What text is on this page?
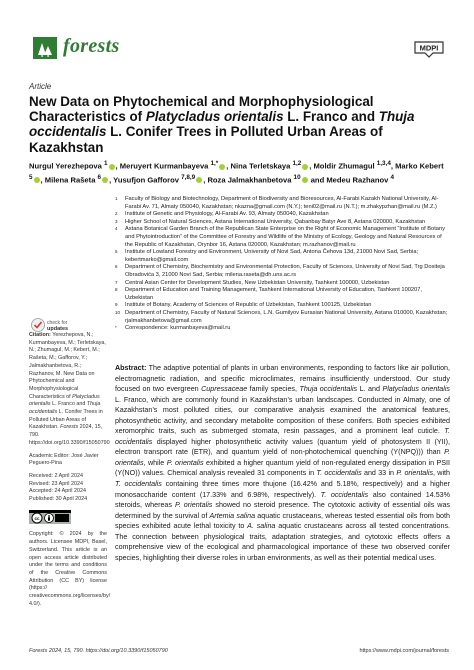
forests	MDPI
Article
New Data on Phytochemical and Morphophysiological Characteristics of Platycladus orientalis L. Franco and Thuja occidentalis L. Conifer Trees in Polluted Urban Areas of Kazakhstan
Nurgul Yerezhepova $^1$ , Meruyert Kurmanbayeva $^{1,*}$ , Nina Terletskaya $^{1,2}$ , Moldir Zhumagul $^{1,3,4}$, Marko Kebert $^5$ , Milena Rašeta $^6$ , Yusufjon Gafforov $^{7,8,9}$ , Roza Jalmakhanbetova $^{10}$ and Medeu Razhanov $^4$
1 Faculty of Biology and Biotechnology, Department of Biodiversity and Bioresources, Al-Farabi Kazakh National University, Al-Farabi Av. 71, Almaty 050040, Kazakhstan; nkazna@gmail.com (N.Y.); teni02@mail.ru (N.T.); m.zhakypzhan@mail.ru (M.Z.)
2 Institute of Genetic and Physiology, Al-Farabi Av. 93, Almaty 050040, Kazakhstan
3 Higher School of Natural Sciences, Astana International University, Qabanbay Batyr Ave 8, Astana 020000, Kazakhstan
4 Astana Botanical Garden Branch of the Republican State Enterprise on the Right of Economic Management “Institute of Botany and Phytointroduction” of the Committee of Forestry and Wildlife of the Ministry of Ecology, Geology and Natural Resources of the Republic of Kazakhstan, Orynbor 16, Astana 020000, Kazakhstan; m.razhanov@mail.ru
5 Institute of Lowland Forestry and Environment, University of Novi Sad, Antona Čehova 13d, 21000 Novi Sad, Serbia; kebertmarko@gmail.com
6 Department of Chemistry, Biochemistry and Environmental Protection, Faculty of Sciences, University of Novi Sad, Trg Dositeja Obradovića 3, 21000 Novi Sad, Serbia; milena.raseta@dh.uns.ac.rs
7 Central Asian Center for Development Studies, New Uzbekistan University, Tashkent 100000, Uzbekistan
8 Department of Education and Training Management, Tashkent International University of Education, Tashkent 100207, Uzbekistan
9 Institute of Botany, Academy of Sciences of Republic of Uzbekistan, Tashkent 100125, Uzbekistan
10 Department of Chemistry, Faculty of Natural Sciences, L.N. Gumilyov Eurasian National University, Astana 010000, Kazakhstan; rjalmakhanbetova@gmail.com
* Correspondence: kurmanbayeva@mail.ru
check for
updates

Citation: Yerezhepova, N.; Kurmanbayeva, M.; Terletskaya, N.; Zhumagul, M.; Kebert, M.; Rašeta, M.; Gafforov, Y.; Jalmakhanbetova, R.; Razhanov, M. New Data on Phytochemical and Morphophysiological Characteristics of Platycladus orientalis L. Franco and Thuja occidentalis L. Conifer Trees in Polluted Urban Areas of Kazakhstan. Forests 2024, 15, 790. https://doi.org/10.3390/f15050790

Academic Editor: José Javier Peguero-Pina

Received: 2 April 2024
Revised: 23 April 2024
Accepted: 24 April 2024
Published: 30 April 2024
cc

Copyright: © 2024 by the authors. Licensee MDPI, Basel, Switzerland. This article is an open access article distributed under the terms and conditions of the Creative Commons Attribution (CC BY) license (https:// creativecommons.org/licenses/by/ 4.0/).

Abstract: The adaptive potential of plants in urban environments, responding to factors like air pollution, electromagnetic radiation, and specific microclimates, remains insufficiently understood. Our study focused on two evergreen Cupressaceae family species, Thuja occidentalis L. and Platycladus orientalis L. Franco, which are commonly found in Kazakhstan’s urban landscapes. Conducted in Almaty, one of Kazakhstan’s most polluted cities, our comparative analysis examined the anatomical features, photosynthetic activity, and secondary metabolite composition of these conifers. Both species exhibited xeromorphic traits, such as submerged stomata, resin passages, and a prominent leaf cuticle. T. occidentalis displayed higher photosynthetic activity values (quantum yield of photosystem II (YII), electron transport rate (ETR), and quantum yield of non-photochemical quenching (Y(NPQ))) than P. orientalis, while P. orientalis exhibited a higher quantum yield of non-regulated energy dissipation in PSII (Y(NO)) values. Chemical analysis revealed 31 components in T. occidentalis and 33 in P. orientalis, with T. occidentalis containing three times more thujone (16.42% and 5.18%, respectively) and a higher monosaccharide content (17.33% and 6.98%, respectively). T. occidentalis also contained 14.53% steroids, whereas P. orientalis showed no steroid presence. The cytotoxic activity of essential oils was determined by the survival of Artemia salina aquatic crustaceans, whereas tested essential oils from both species exhibited acute lethal toxicity to A. salina aquatic crustaceans across all tested concentrations. The connection between physiological traits, adaptation strategies, and cytotoxic effects offers a comprehensive view of the ecological and pharmacological importance of these two observed conifer species, highlighting their diverse roles in urban environments, as well as their potential medical uses.
Forests 2024, 15, 790. https://doi.org/10.3390/f15050790	https://www.mdpi.com/journal/forests
